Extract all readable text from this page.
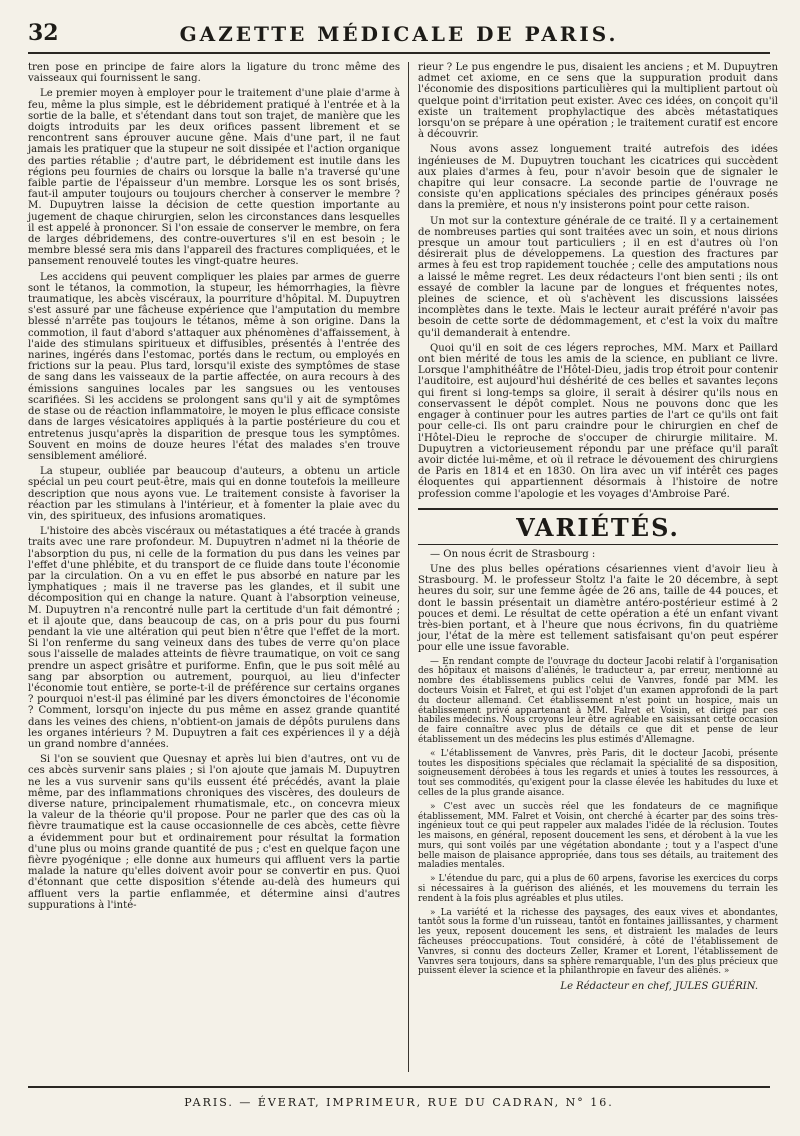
32	GAZETTE MÉDICALE DE PARIS.

tren pose en principe de faire alors la ligature du tronc même des vaisseaux qui fournissent le sang.

Le premier moyen à employer pour le traitement d'une plaie d'arme à feu, même la plus simple, est le débridement pratiqué à l'entrée et à la sortie de la balle, et s'étendant dans tout son trajet, de manière que les doigts introduits par les deux orifices passent librement et se rencontrent sans éprouver aucune gêne. Mais d'une part, il ne faut jamais les pratiquer que la stupeur ne soit dissipée et l'action organique des parties rétablie ; d'autre part, le débridement est inutile dans les régions peu fournies de chairs ou lorsque la balle n'a traversé qu'une faible partie de l'épaisseur d'un membre. Lorsque les os sont brisés, faut-il amputer toujours ou toujours chercher à conserver le membre ? M. Dupuytren laisse la décision de cette question importante au jugement de chaque chirurgien, selon les circonstances dans lesquelles il est appelé à prononcer. Si l'on essaie de conserver le membre, on fera de larges débridemens, des contre-ouvertures s'il en est besoin ; le membre blessé sera mis dans l'appareil des fractures compliquées, et le pansement renouvelé toutes les vingt-quatre heures.

Les accidens qui peuvent compliquer les plaies par armes de guerre sont le tétanos, la commotion, la stupeur, les hémorrhagies, la fièvre traumatique, les abcès viscéraux, la pourriture d'hôpital. M. Dupuytren s'est assuré par une fâcheuse expérience que l'amputation du membre blessé n'arrête pas toujours le tétanos, même à son origine. Dans la commotion, il faut d'abord s'attaquer aux phénomènes d'affaissement, à l'aide des stimulans spiritueux et diffusibles, présentés à l'entrée des narines, ingérés dans l'estomac, portés dans le rectum, ou employés en frictions sur la peau. Plus tard, lorsqu'il existe des symptômes de stase de sang dans les vaisseaux de la partie affectée, on aura recours à des émissions sanguines locales par les sangsues ou les ventouses scarifiées. Si les accidens se prolongent sans qu'il y ait de symptômes de stase ou de réaction inflammatoire, le moyen le plus efficace consiste dans de larges vésicatoires appliqués à la partie postérieure du cou et entretenus jusqu'après la disparition de presque tous les symptômes. Souvent en moins de douze heures l'état des malades s'en trouve sensiblement amélioré.

La stupeur, oubliée par beaucoup d'auteurs, a obtenu un article spécial un peu court peut-être, mais qui en donne toutefois la meilleure description que nous ayons vue. Le traitement consiste à favoriser la réaction par les stimulans à l'intérieur, et à fomenter la plaie avec du vin, des spiritueux, des infusions aromatiques.

L'histoire des abcès viscéraux ou métastatiques a été tracée à grands traits avec une rare profondeur. M. Dupuytren n'admet ni la théorie de l'absorption du pus, ni celle de la formation du pus dans les veines par l'effet d'une phlébite, et du transport de ce fluide dans toute l'économie par la circulation. On a vu en effet le pus absorbé en nature par les lymphatiques ; mais il ne traverse pas les glandes, et il subit une décomposition qui en change la nature. Quant à l'absorption veineuse, M. Dupuytren n'a rencontré nulle part la certitude d'un fait démontré ; et il ajoute que, dans beaucoup de cas, on a pris pour du pus fourni pendant la vie une altération qui peut bien n'être que l'effet de la mort. Si l'on renferme du sang veineux dans des tubes de verre qu'on place sous l'aisselle de malades atteints de fièvre traumatique, on voit ce sang prendre un aspect grisâtre et puriforme. Enfin, que le pus soit mêlé au sang par absorption ou autrement, pourquoi, au lieu d'infecter l'économie tout entière, se porte-t-il de préférence sur certains organes ? pourquoi n'est-il pas éliminé par les divers émonctoires de l'économie ? Comment, lorsqu'on injecte du pus même en assez grande quantité dans les veines des chiens, n'obtient-on jamais de dépôts purulens dans les organes intérieurs ? M. Dupuytren a fait ces expériences il y a déjà un grand nombre d'années.

Si l'on se souvient que Quesnay et après lui bien d'autres, ont vu de ces abcès survenir sans plaies ; si l'on ajoute que jamais M. Dupuytren ne les a vus survenir sans qu'ils eussent été précédés, avant la plaie même, par des inflammations chroniques des viscères, des douleurs de diverse nature, principalement rhumatismale, etc., on concevra mieux la valeur de la théorie qu'il propose. Pour ne parler que des cas où la fièvre traumatique est la cause occasionnelle de ces abcès, cette fièvre a évidemment pour but et ordinairement pour résultat la formation d'une plus ou moins grande quantité de pus ; c'est en quelque façon une fièvre pyogénique ; elle donne aux humeurs qui affluent vers la partie malade la nature qu'elles doivent avoir pour se convertir en pus. Quoi d'étonnant que cette disposition s'étende au-delà des humeurs qui affluent vers la partie enflammée, et détermine ainsi d'autres suppurations à l'inté-

rieur ? Le pus engendre le pus, disaient les anciens ; et M. Dupuytren admet cet axiome, en ce sens que la suppuration produit dans l'économie des dispositions particulières qui la multiplient partout où quelque point d'irritation peut exister. Avec ces idées, on conçoit qu'il existe un traitement prophylactique des abcès métastatiques lorsqu'on se prépare à une opération ; le traitement curatif est encore à découvrir.

Nous avons assez longuement traité autrefois des idées ingénieuses de M. Dupuytren touchant les cicatrices qui succèdent aux plaies d'armes à feu, pour n'avoir besoin que de signaler le chapitre qui leur consacre. La seconde partie de l'ouvrage ne consiste qu'en applications spéciales des principes généraux posés dans la première, et nous n'y insisterons point pour cette raison.

Un mot sur la contexture générale de ce traité. Il y a certainement de nombreuses parties qui sont traitées avec un soin, et nous dirions presque un amour tout particuliers ; il en est d'autres où l'on désirerait plus de développemens. La question des fractures par armes à feu est trop rapidement touchée ; celle des amputations nous a laissé le même regret. Les deux rédacteurs l'ont bien senti ; ils ont essayé de combler la lacune par de longues et fréquentes notes, pleines de science, et où s'achèvent les discussions laissées incomplètes dans le texte. Mais le lecteur aurait préféré n'avoir pas besoin de cette sorte de dédommagement, et c'est la voix du maître qu'il demanderait à entendre.

Quoi qu'il en soit de ces légers reproches, MM. Marx et Paillard ont bien mérité de tous les amis de la science, en publiant ce livre. Lorsque l'amphithéâtre de l'Hôtel-Dieu, jadis trop étroit pour contenir l'auditoire, est aujourd'hui déshérité de ces belles et savantes leçons qui firent si long-temps sa gloire, il serait à désirer qu'ils nous en conservassent le dépôt complet. Nous ne pouvons donc que les engager à continuer pour les autres parties de l'art ce qu'ils ont fait pour celle-ci. Ils ont paru craindre pour le chirurgien en chef de l'Hôtel-Dieu le reproche de s'occuper de chirurgie militaire. M. Dupuytren a victorieusement répondu par une préface qu'il paraît avoir dictée lui-même, et où il retrace le dévouement des chirurgiens de Paris en 1814 et en 1830. On lira avec un vif intérêt ces pages éloquentes qui appartiennent désormais à l'histoire de notre profession comme l'apologie et les voyages d'Ambroise Paré.

VARIÉTÉS.

— On nous écrit de Strasbourg :

Une des plus belles opérations césariennes vient d'avoir lieu à Strasbourg. M. le professeur Stoltz l'a faite le 20 décembre, à sept heures du soir, sur une femme âgée de 26 ans, taille de 44 pouces, et dont le bassin présentait un diamètre antéro-postérieur estimé à 2 pouces et demi. Le résultat de cette opération a été un enfant vivant très-bien portant, et à l'heure que nous écrivons, fin du quatrième jour, l'état de la mère est tellement satisfaisant qu'on peut espérer pour elle une issue favorable.

— En rendant compte de l'ouvrage du docteur Jacobi relatif à l'organisation des hôpitaux et maisons d'aliénés, le traducteur a, par erreur, mentionné au nombre des établissemens publics celui de Vanvres, fondé par MM. les docteurs Voisin et Falret, et qui est l'objet d'un examen approfondi de la part du docteur allemand. Cet établissement n'est point un hospice, mais un établissement privé appartenant à MM. Falret et Voisin, et dirigé par ces habiles médecins. Nous croyons leur être agréable en saisissant cette occasion de faire connaître avec plus de détails ce que dit et pense de leur établissement un des médecins les plus estimés d'Allemagne.

« L'établissement de Vanvres, près Paris, dit le docteur Jacobi, présente toutes les dispositions spéciales que réclamait la spécialité de sa disposition, soigneusement dérobées à tous les regards et unies à toutes les ressources, à tout ses commodités, qu'exigent pour la classe élevée les habitudes du luxe et celles de la plus grande aisance.

» C'est avec un succès réel que les fondateurs de ce magnifique établissement, MM. Falret et Voisin, ont cherché à écarter par des soins très-ingénieux tout ce qui peut rappeler aux malades l'idée de la réclusion. Toutes les maisons, en général, reposent doucement les sens, et dérobent à la vue les murs, qui sont voilés par une végétation abondante ; tout y a l'aspect d'une belle maison de plaisance appropriée, dans tous ses détails, au traitement des maladies mentales.

» L'étendue du parc, qui a plus de 60 arpens, favorise les exercices du corps si nécessaires à la guérison des aliénés, et les mouvemens du terrain les rendent à la fois plus agréables et plus utiles.

» La variété et la richesse des paysages, des eaux vives et abondantes, tantôt sous la forme d'un ruisseau, tantôt en fontaines jaillissantes, y charment les yeux, reposent doucement les sens, et distraient les malades de leurs fâcheuses préoccupations. Tout considéré, à côté de l'établissement de Vanvres, si connu des docteurs Zeller, Kramer et Lorent, l'établissement de Vanvres sera toujours, dans sa sphère remarquable, l'un des plus précieux que puissent élever la science et la philanthropie en faveur des aliénés. »

Le Rédacteur en chef, JULES GUÉRIN.
PARIS. — ÉVERAT, IMPRIMEUR, RUE DU CADRAN, N° 16.
